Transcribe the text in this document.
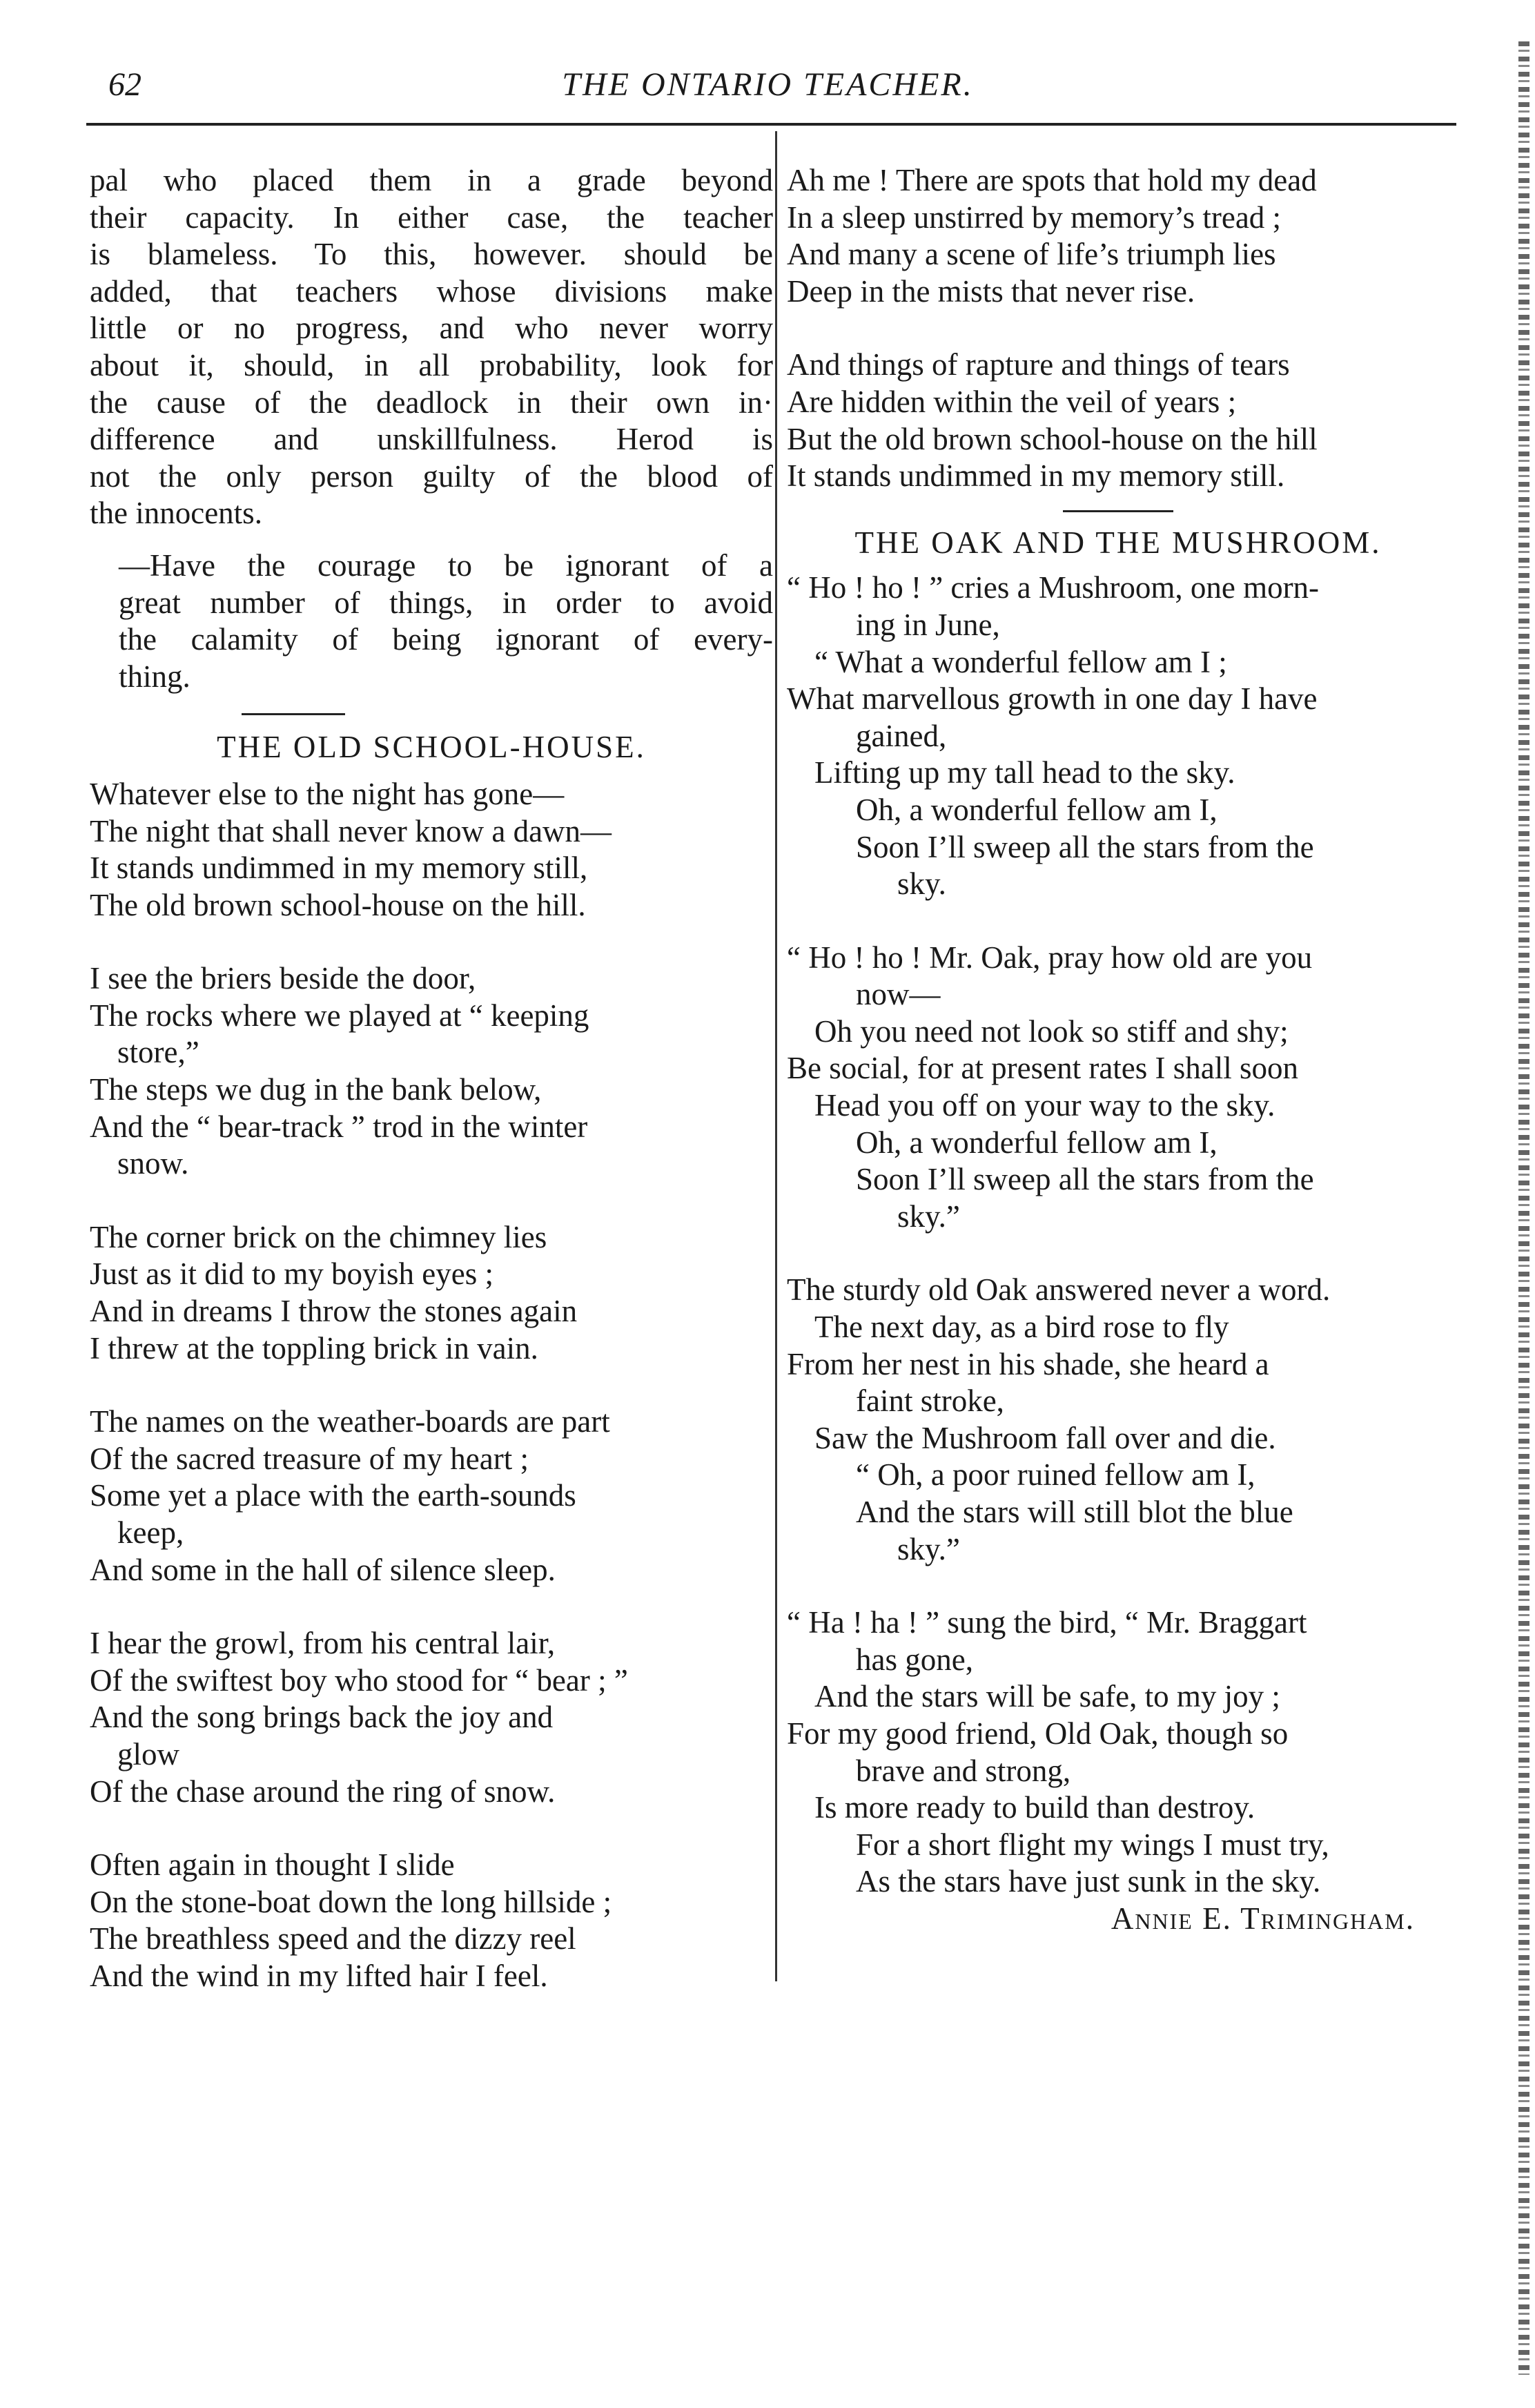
62	THE ONTARIO TEACHER.
pal who placed them in a grade beyond
their capacity. In either case, the teacher
is blameless. To this, however. should be
added, that teachers whose divisions make
little or no progress, and who never worry
about it, should, in all probability, look for
the cause of the deadlock in their own in·
difference and unskillfulness. Herod is
not the only person guilty of the blood of
the innocents.
—Have the courage to be ignorant of a
great number of things, in order to avoid
the calamity of being ignorant of every-
thing.
THE OLD SCHOOL-HOUSE.
Whatever else to the night has gone—
The night that shall never know a dawn—
It stands undimmed in my memory still,
The old brown school-house on the hill.
I see the briers beside the door,
The rocks where we played at “ keeping
store,”
The steps we dug in the bank below,
And the “ bear-track ” trod in the winter
snow.
The corner brick on the chimney lies
Just as it did to my boyish eyes ;
And in dreams I throw the stones again
I threw at the toppling brick in vain.
The names on the weather-boards are part
Of the sacred treasure of my heart ;
Some yet a place with the earth-sounds
keep,
And some in the hall of silence sleep.
I hear the growl, from his central lair,
Of the swiftest boy who stood for “ bear ; ”
And the song brings back the joy and
glow
Of the chase around the ring of snow.
Often again in thought I slide
On the stone-boat down the long hillside ;
The breathless speed and the dizzy reel
And the wind in my lifted hair I feel.
Ah me ! There are spots that hold my dead
In a sleep unstirred by memory’s tread ;
And many a scene of life’s triumph lies
Deep in the mists that never rise.
And things of rapture and things of tears
Are hidden within the veil of years ;
But the old brown school-house on the hill
It stands undimmed in my memory still.
THE OAK AND THE MUSHROOM.
“ Ho ! ho ! ” cries a Mushroom, one morn-
ing in June,
“ What a wonderful fellow am I ;
What marvellous growth in one day I have
gained,
Lifting up my tall head to the sky.
Oh, a wonderful fellow am I,
Soon I’ll sweep all the stars from the
sky.
“ Ho ! ho ! Mr. Oak, pray how old are you
now—
Oh you need not look so stiff and shy;
Be social, for at present rates I shall soon
Head you off on your way to the sky.
Oh, a wonderful fellow am I,
Soon I’ll sweep all the stars from the
sky.”
The sturdy old Oak answered never a word.
The next day, as a bird rose to fly
From her nest in his shade, she heard a
faint stroke,
Saw the Mushroom fall over and die.
“ Oh, a poor ruined fellow am I,
And the stars will still blot the blue
sky.”
“ Ha ! ha ! ” sung the bird, “ Mr. Braggart
has gone,
And the stars will be safe, to my joy ;
For my good friend, Old Oak, though so
brave and strong,
Is more ready to build than destroy.
For a short flight my wings I must try,
As the stars have just sunk in the sky.
Annie E. Trimingham.
